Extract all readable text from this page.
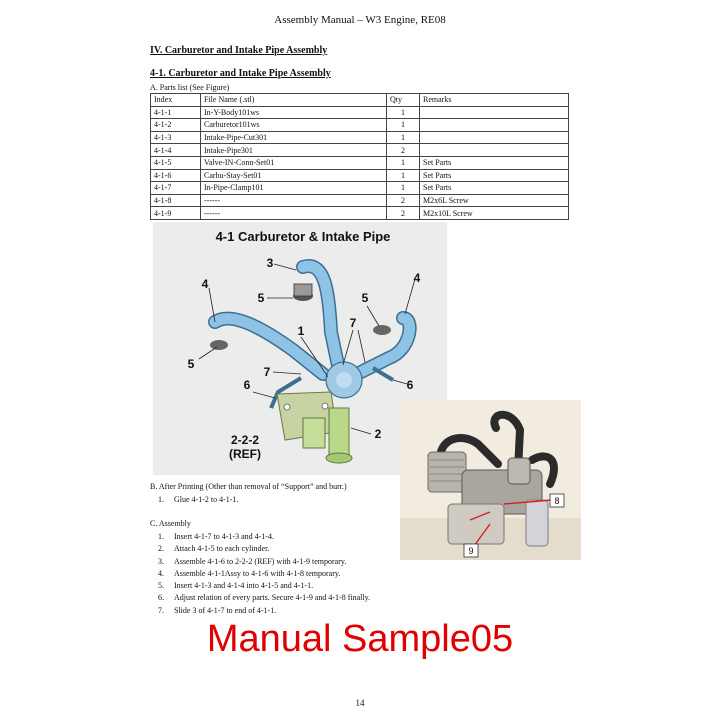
Assembly Manual – W3 Engine, RE08
IV. Carburetor and Intake Pipe Assembly
4-1. Carburetor and Intake Pipe Assembly
A. Parts list (See Figure)
Index	File Name (.stl)	Qty	Remarks
4-1-1	In-Y-Body101ws	1	
4-1-2	Carburetor101ws	1	
4-1-3	Intake-Pipe-Cut301	1	
4-1-4	Intake-Pipe301	2	
4-1-5	Valve-IN-Conn-Set01	1	Set Parts
4-1-6	Carbu-Stay-Set01	1	Set Parts
4-1-7	In-Pipe-Clamp101	1	Set Parts
4-1-8	------	2	M2x6L Screw
4-1-9	------	2	M2x10L Screw
4-1 Carburetor & Intake Pipe
3
4	4
5	5
5
1
7
7
6	6
2
2-2-2
(REF)
8
9
B. After Printing (Other than removal of “Support” and burr.)
1. Glue 4-1-2 to 4-1-1.
C. Assembly
1. Insert 4-1-7 to 4-1-3 and 4-1-4.
2. Attach 4-1-5 to each cylinder.
3. Assemble 4-1-6 to 2-2-2 (REF) with 4-1-9 temporary.
4. Assemble 4-1-1Assy to 4-1-6 with 4-1-8 temporary.
5. Insert 4-1-3 and 4-1-4 into 4-1-5 and 4-1-1.
6. Adjust relation of every parts. Secure 4-1-9 and 4-1-8 finally.
7. Slide 3 of 4-1-7 to end of 4-1-1.
Manual Sample05
14
